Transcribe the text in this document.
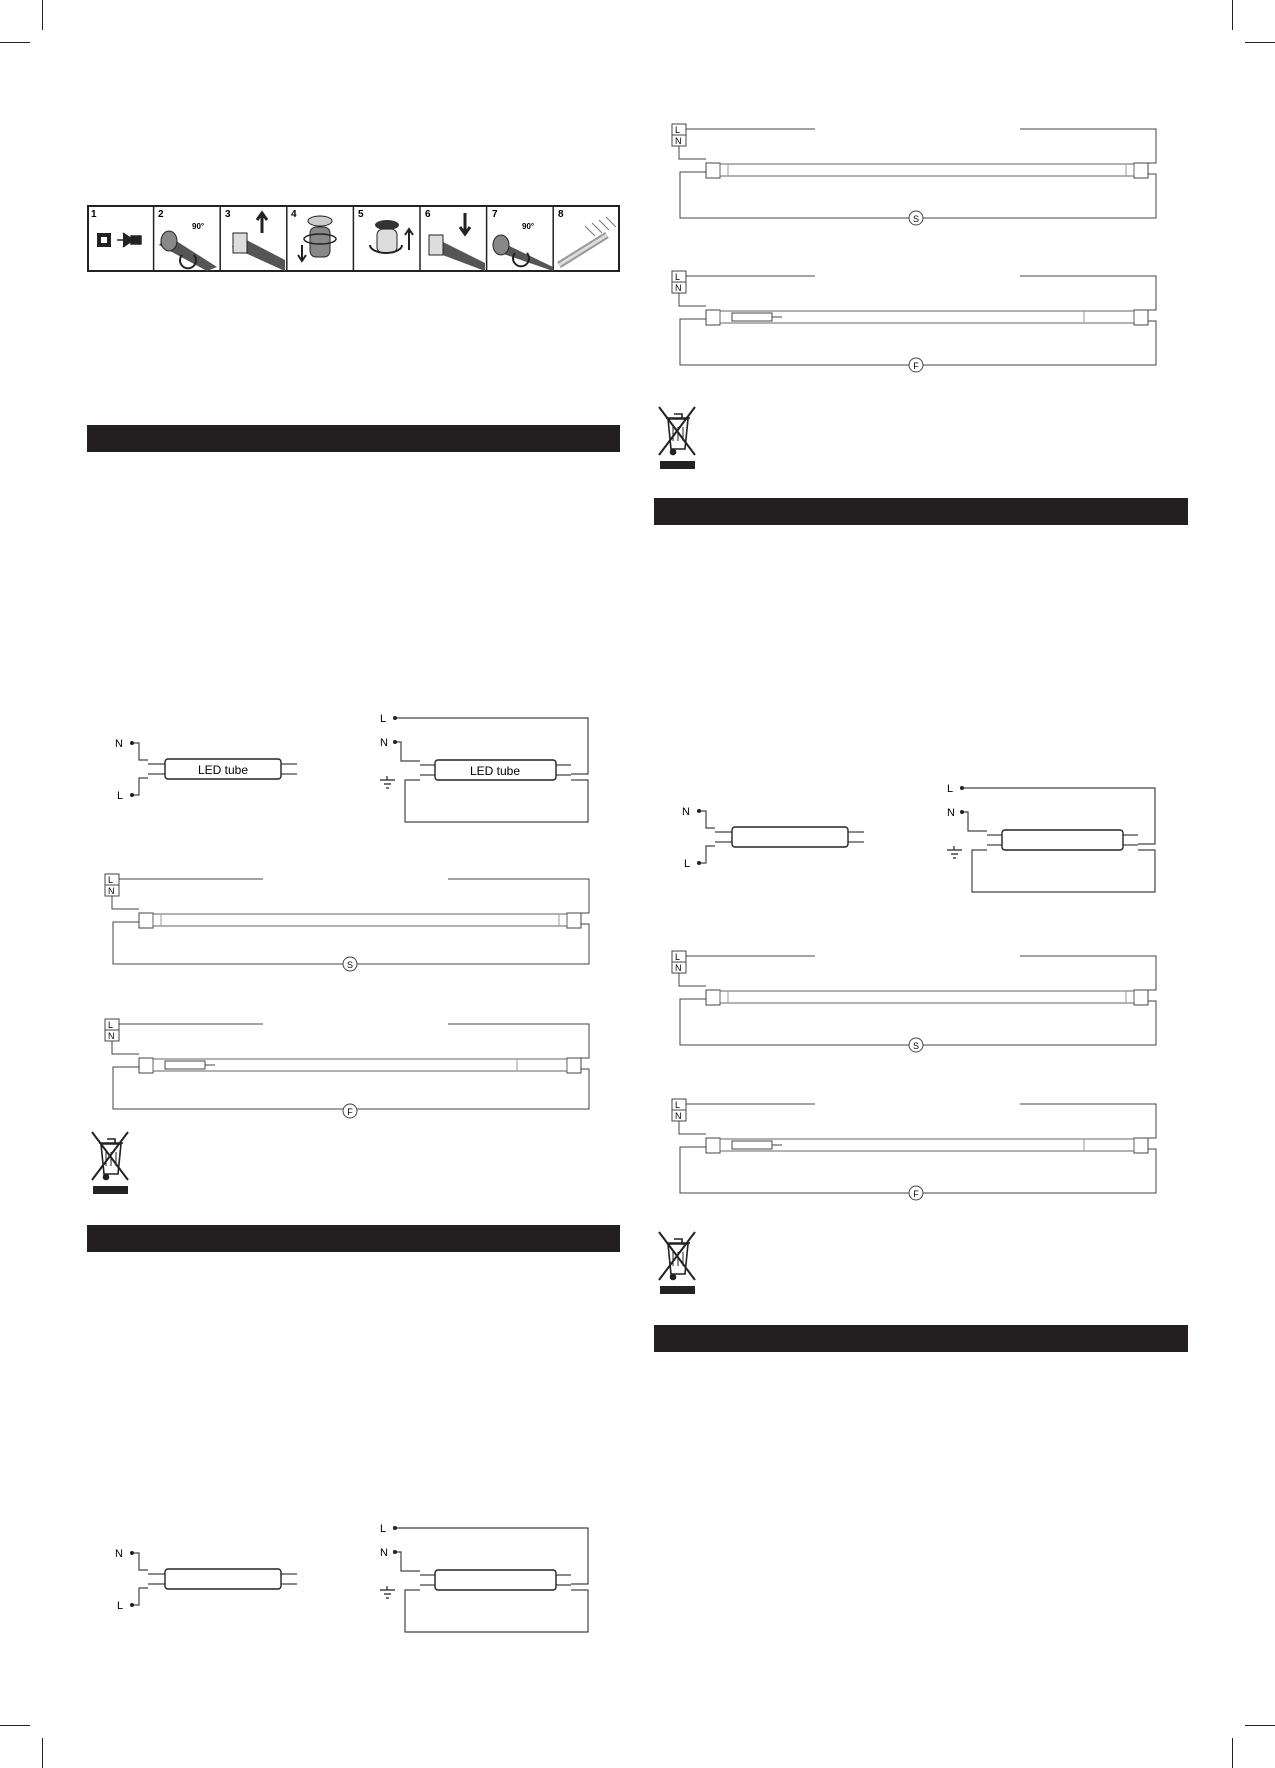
1	2
90°
3	4	5	6	7
90°
8
N
L
LED tube
L
N
LED tube
L
N
S
L
N
F
N
L
L
N
L
N
S
L
N
F
N
L
L
N
L
N
S
L
N
F
